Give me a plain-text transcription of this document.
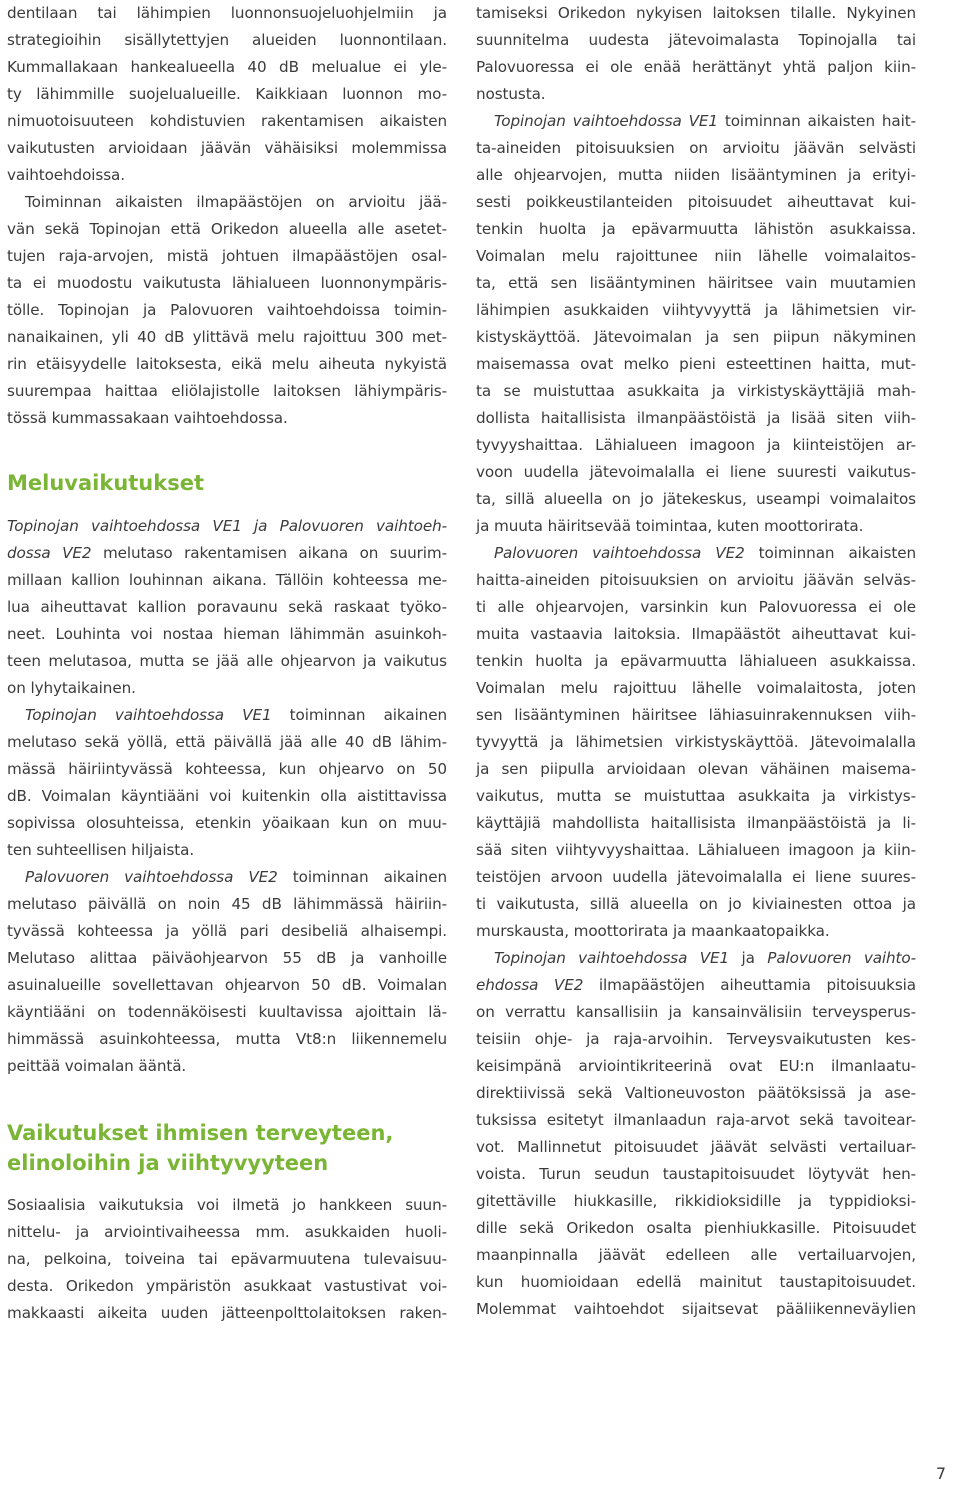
dentilaan tai lähimpien luonnonsuojeluohjelmiin ja
strategioihin sisällytettyjen alueiden luonnontilaan.
Kummallakaan hankealueella 40 dB melualue ei yle-
ty lähimmille suojelualueille. Kaikkiaan luonnon mo-
nimuotoisuuteen kohdistuvien rakentamisen aikaisten
vaikutusten arvioidaan jäävän vähäisiksi molemmissa
vaihtoehdoissa.
Toiminnan aikaisten ilmapäästöjen on arvioitu jää-
vän sekä Topinojan että Orikedon alueella alle asetet-
tujen raja-arvojen, mistä johtuen ilmapäästöjen osal-
ta ei muodostu vaikutusta lähialueen luonnonympäris-
tölle. Topinojan ja Palovuoren vaihtoehdoissa toimin-
nanaikainen, yli 40 dB ylittävä melu rajoittuu 300 met-
rin etäisyydelle laitoksesta, eikä melu aiheuta nykyistä
suurempaa haittaa eliölajistolle laitoksen lähiympäris-
tössä kummassakaan vaihtoehdossa.
Meluvaikutukset
Topinojan vaihtoehdossa VE1 ja Palovuoren vaihtoeh-
dossa VE2 melutaso rakentamisen aikana on suurim-
millaan kallion louhinnan aikana. Tällöin kohteessa me-
lua aiheuttavat kallion poravaunu sekä raskaat työko-
neet. Louhinta voi nostaa hieman lähimmän asuinkoh-
teen melutasoa, mutta se jää alle ohjearvon ja vaikutus
on lyhytaikainen.
Topinojan vaihtoehdossa VE1 toiminnan aikainen
melutaso sekä yöllä, että päivällä jää alle 40 dB lähim-
mässä häiriintyvässä kohteessa, kun ohjearvo on 50
dB. Voimalan käyntiääni voi kuitenkin olla aistittavissa
sopivissa olosuhteissa, etenkin yöaikaan kun on muu-
ten suhteellisen hiljaista.
Palovuoren vaihtoehdossa VE2 toiminnan aikainen
melutaso päivällä on noin 45 dB lähimmässä häiriin-
tyvässä kohteessa ja yöllä pari desibeliä alhaisempi.
Melutaso alittaa päiväohjearvon 55 dB ja vanhoille
asuinalueille sovellettavan ohjearvon 50 dB. Voimalan
käyntiääni on todennäköisesti kuultavissa ajoittain lä-
himmässä asuinkohteessa, mutta Vt8:n liikennemelu
peittää voimalan ääntä.
Vaikutukset ihmisen terveyteen,
elinoloihin ja viihtyvyyteen
Sosiaalisia vaikutuksia voi ilmetä jo hankkeen suun-
nittelu- ja arviointivaiheessa mm. asukkaiden huoli-
na, pelkoina, toiveina tai epävarmuutena tulevaisuu-
desta. Orikedon ympäristön asukkaat vastustivat voi-
makkaasti aikeita uuden jätteenpolttolaitoksen raken-
tamiseksi Orikedon nykyisen laitoksen tilalle. Nykyinen
suunnitelma uudesta jätevoimalasta Topinojalla tai
Palovuoressa ei ole enää herättänyt yhtä paljon kiin-
nostusta.
Topinojan vaihtoehdossa VE1 toiminnan aikaisten hait-
ta-aineiden pitoisuuksien on arvioitu jäävän selvästi
alle ohjearvojen, mutta niiden lisääntyminen ja erityi-
sesti poikkeustilanteiden pitoisuudet aiheuttavat kui-
tenkin huolta ja epävarmuutta lähistön asukkaissa.
Voimalan melu rajoittunee niin lähelle voimalaitos-
ta, että sen lisääntyminen häiritsee vain muutamien
lähimpien asukkaiden viihtyvyyttä ja lähimetsien vir-
kistyskäyttöä. Jätevoimalan ja sen piipun näkyminen
maisemassa ovat melko pieni esteettinen haitta, mut-
ta se muistuttaa asukkaita ja virkistyskäyttäjiä mah-
dollista haitallisista ilmanpäästöistä ja lisää siten viih-
tyvyyshaittaa. Lähialueen imagoon ja kiinteistöjen ar-
voon uudella jätevoimalalla ei liene suuresti vaikutus-
ta, sillä alueella on jo jätekeskus, useampi voimalaitos
ja muuta häiritsevää toimintaa, kuten moottorirata.
Palovuoren vaihtoehdossa VE2 toiminnan aikaisten
haitta-aineiden pitoisuuksien on arvioitu jäävän selväs-
ti alle ohjearvojen, varsinkin kun Palovuoressa ei ole
muita vastaavia laitoksia. Ilmapäästöt aiheuttavat kui-
tenkin huolta ja epävarmuutta lähialueen asukkaissa.
Voimalan melu rajoittuu lähelle voimalaitosta, joten
sen lisääntyminen häiritsee lähiasuinrakennuksen viih-
tyvyyttä ja lähimetsien virkistyskäyttöä. Jätevoimalalla
ja sen piipulla arvioidaan olevan vähäinen maisema-
vaikutus, mutta se muistuttaa asukkaita ja virkistys-
käyttäjiä mahdollista haitallisista ilmanpäästöistä ja li-
sää siten viihtyvyyshaittaa. Lähialueen imagoon ja kiin-
teistöjen arvoon uudella jätevoimalalla ei liene suures-
ti vaikutusta, sillä alueella on jo kiviainesten ottoa ja
murskausta, moottorirata ja maankaatopaikka.
Topinojan vaihtoehdossa VE1 ja Palovuoren vaihto-
ehdossa VE2 ilmapäästöjen aiheuttamia pitoisuuksia
on verrattu kansallisiin ja kansainvälisiin terveysperus-
teisiin ohje- ja raja-arvoihin. Terveysvaikutusten kes-
keisimpänä arviointikriteerinä ovat EU:n ilmanlaatu-
direktiivissä sekä Valtioneuvoston päätöksissä ja ase-
tuksissa esitetyt ilmanlaadun raja-arvot sekä tavoitear-
vot. Mallinnetut pitoisuudet jäävät selvästi vertailuar-
voista. Turun seudun taustapitoisuudet löytyvät hen-
gitettäville hiukkasille, rikkidioksidille ja typpidioksi-
dille sekä Orikedon osalta pienhiukkasille. Pitoisuudet
maanpinnalla jäävät edelleen alle vertailuarvojen,
kun huomioidaan edellä mainitut taustapitoisuudet.
Molemmat vaihtoehdot sijaitsevat pääliikenneväylien
7
